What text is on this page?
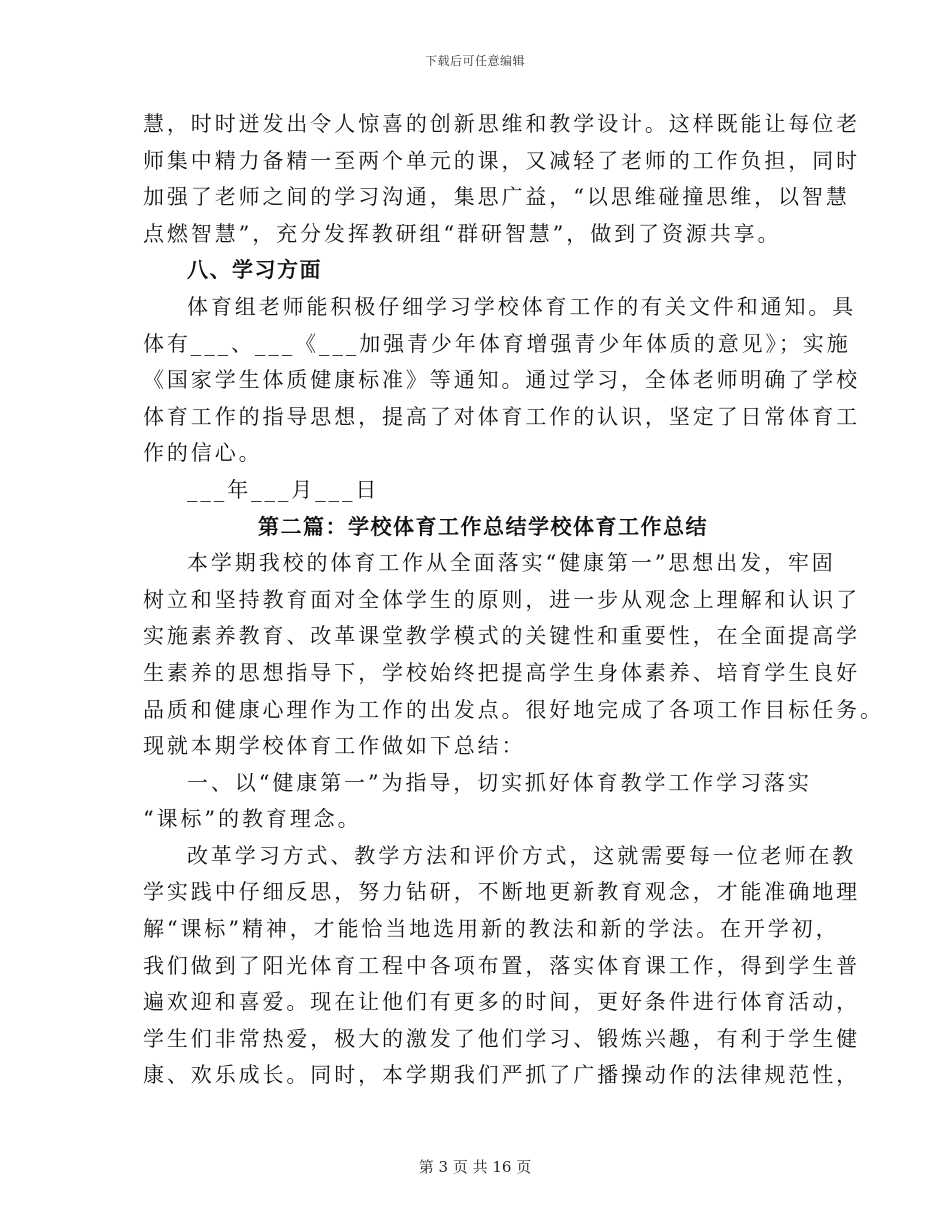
下载后可任意编辑
慧，时时迸发出令人惊喜的创新思维和教学设计。这样既能让每位老
师集中精力备精一至两个单元的课，又减轻了老师的工作负担，同时
加强了老师之间的学习沟通，集思广益，“以思维碰撞思维，以智慧
点燃智慧”，充分发挥教研组“群研智慧”，做到了资源共享。
八、学习方面
体育组老师能积极仔细学习学校体育工作的有关文件和通知。具
体有___、___《___加强青少年体育增强青少年体质的意见》；实施
《国家学生体质健康标准》等通知。通过学习，全体老师明确了学校
体育工作的指导思想，提高了对体育工作的认识，坚定了日常体育工
作的信心。
___年___月___日
第二篇：学校体育工作总结学校体育工作总结
本学期我校的体育工作从全面落实“健康第一”思想出发，牢固
树立和坚持教育面对全体学生的原则，进一步从观念上理解和认识了
实施素养教育、改革课堂教学模式的关键性和重要性，在全面提高学
生素养的思想指导下，学校始终把提高学生身体素养、培育学生良好
品质和健康心理作为工作的出发点。很好地完成了各项工作目标任务。
现就本期学校体育工作做如下总结：
一、以“健康第一”为指导，切实抓好体育教学工作学习落实
“课标”的教育理念。
改革学习方式、教学方法和评价方式，这就需要每一位老师在教
学实践中仔细反思，努力钻研，不断地更新教育观念，才能准确地理
解“课标”精神，才能恰当地选用新的教法和新的学法。在开学初，
我们做到了阳光体育工程中各项布置，落实体育课工作，得到学生普
遍欢迎和喜爱。现在让他们有更多的时间，更好条件进行体育活动，
学生们非常热爱，极大的激发了他们学习、锻炼兴趣，有利于学生健
康、欢乐成长。同时，本学期我们严抓了广播操动作的法律规范性，
第 3 页 共 16 页
